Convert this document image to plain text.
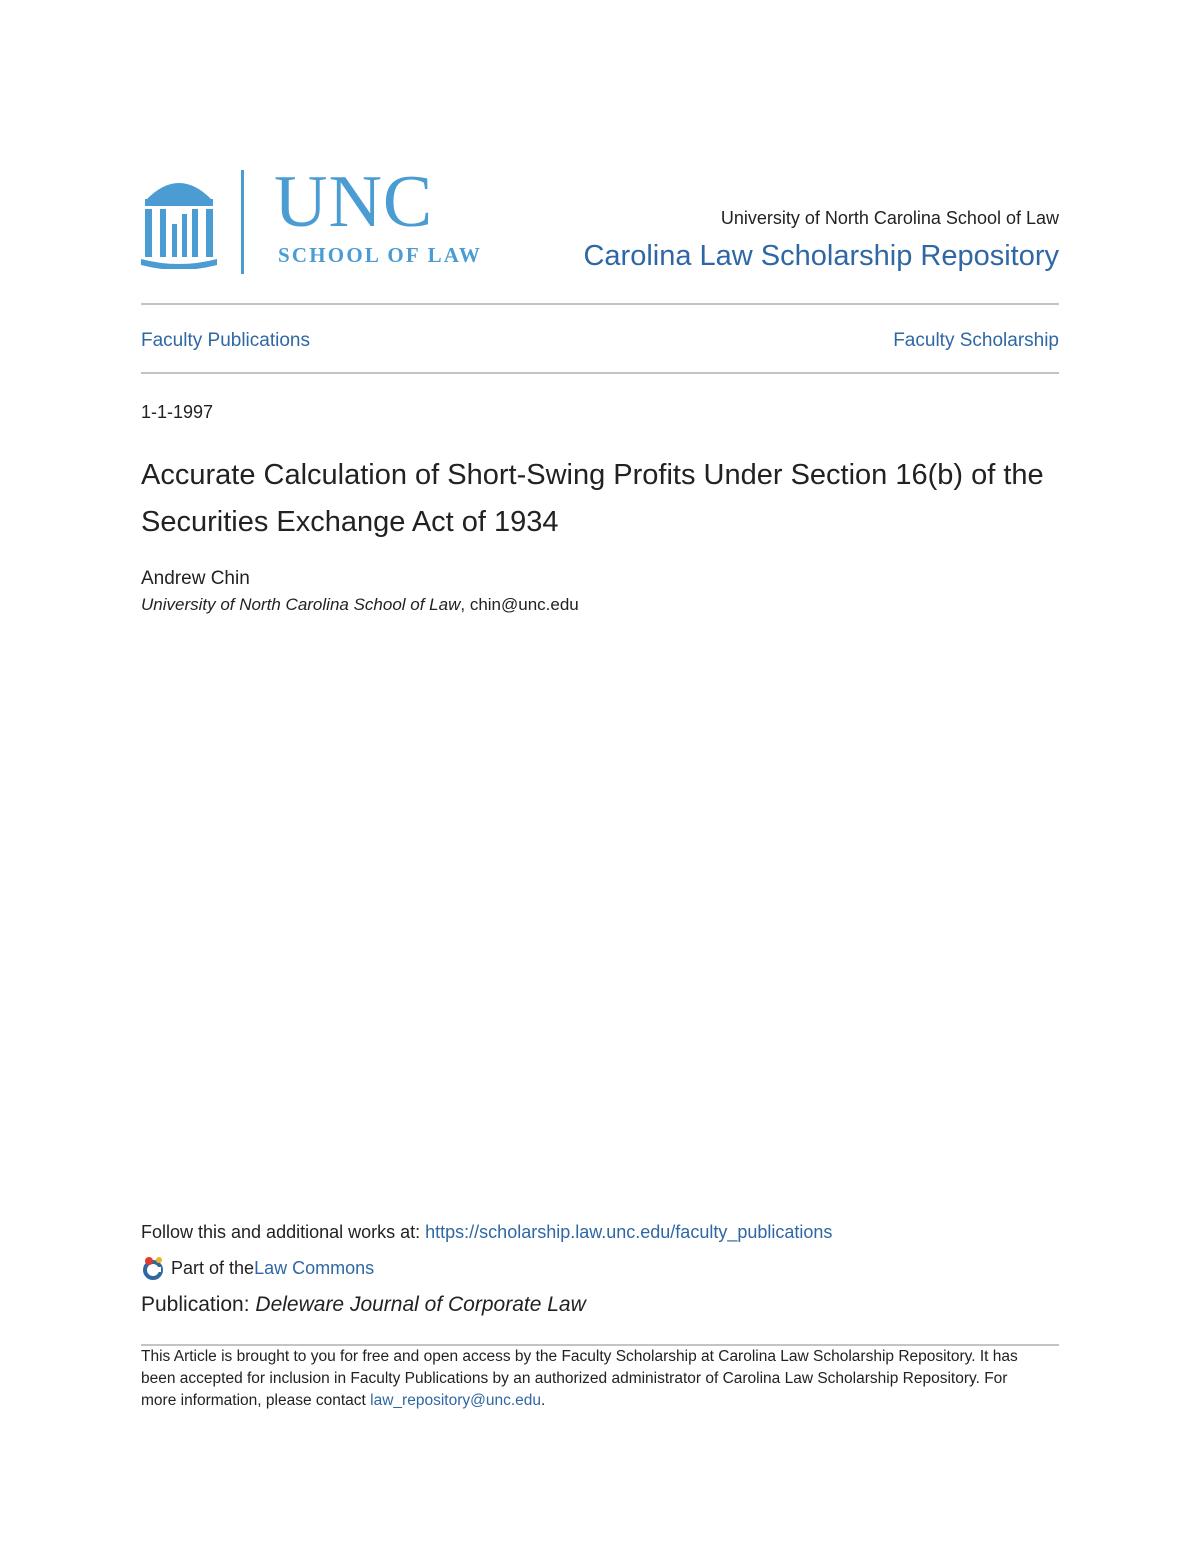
UNC
SCHOOL OF LAW
University of North Carolina School of Law
Carolina Law Scholarship Repository
Faculty Publications	Faculty Scholarship
1-1-1997
Accurate Calculation of Short-Swing Profits Under Section 16(b) of the Securities Exchange Act of 1934
Andrew Chin
University of North Carolina School of Law, chin@unc.edu
Follow this and additional works at: https://scholarship.law.unc.edu/faculty_publications
Part of the Law Commons
Publication: Deleware Journal of Corporate Law
This Article is brought to you for free and open access by the Faculty Scholarship at Carolina Law Scholarship Repository. It has been accepted for inclusion in Faculty Publications by an authorized administrator of Carolina Law Scholarship Repository. For more information, please contact law_repository@unc.edu.
